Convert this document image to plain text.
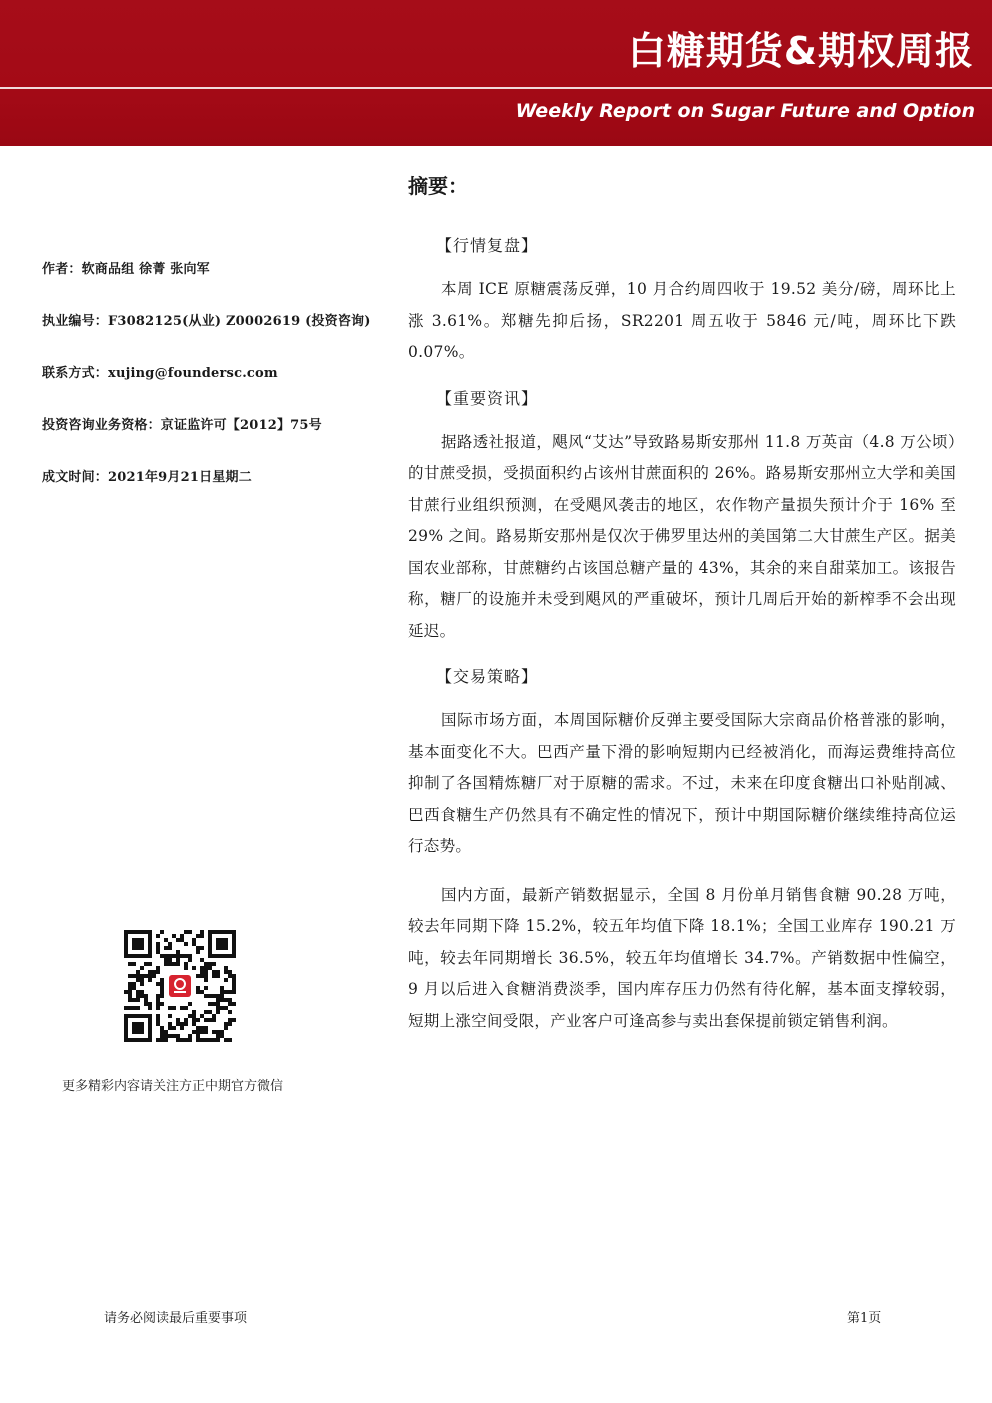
白糖期货&期权周报
Weekly Report on Sugar Future and Option
作者：软商品组 徐菁 张向军
执业编号：F3082125(从业) Z0002619 (投资咨询)
联系方式：xujing@foundersc.com
投资咨询业务资格：京证监许可【2012】75号
成文时间：2021年9月21日星期二
更多精彩内容请关注方正中期官方微信
摘要：
【行情复盘】

本周 ICE 原糖震荡反弹，10 月合约周四收于 19.52 美分/磅，周环比上涨 3.61%。郑糖先抑后扬，SR2201 周五收于 5846 元/吨，周环比下跌 0.07%。

【重要资讯】

据路透社报道，飓风“艾达”导致路易斯安那州 11.8 万英亩（4.8 万公顷）的甘蔗受损，受损面积约占该州甘蔗面积的 26%。路易斯安那州立大学和美国甘蔗行业组织预测，在受飓风袭击的地区，农作物产量损失预计介于 16% 至 29% 之间。路易斯安那州是仅次于佛罗里达州的美国第二大甘蔗生产区。据美国农业部称，甘蔗糖约占该国总糖产量的 43%，其余的来自甜菜加工。该报告称，糖厂的设施并未受到飓风的严重破坏，预计几周后开始的新榨季不会出现延迟。

【交易策略】

国际市场方面，本周国际糖价反弹主要受国际大宗商品价格普涨的影响，基本面变化不大。巴西产量下滑的影响短期内已经被消化，而海运费维持高位抑制了各国精炼糖厂对于原糖的需求。不过，未来在印度食糖出口补贴削减、巴西食糖生产仍然具有不确定性的情况下，预计中期国际糖价继续维持高位运行态势。

国内方面，最新产销数据显示，全国 8 月份单月销售食糖 90.28 万吨，较去年同期下降 15.2%，较五年均值下降 18.1%；全国工业库存 190.21 万吨，较去年同期增长 36.5%，较五年均值增长 34.7%。产销数据中性偏空，9 月以后进入食糖消费淡季，国内库存压力仍然有待化解，基本面支撑较弱，短期上涨空间受限，产业客户可逢高参与卖出套保提前锁定销售利润。

请务必阅读最后重要事项	第1页
